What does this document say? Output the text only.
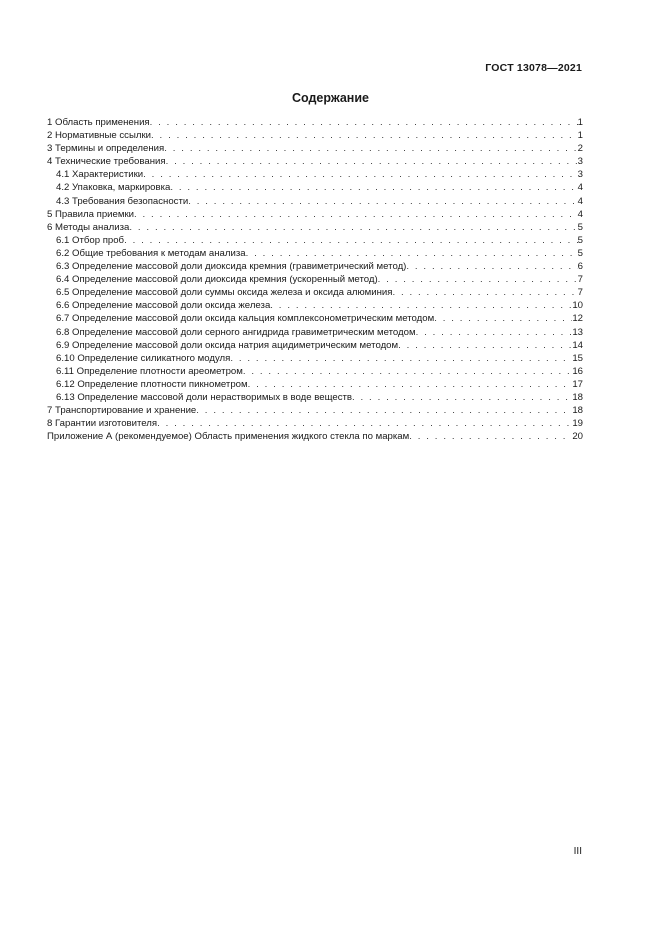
ГОСТ 13078—2021
Содержание
1 Область применения . . .	1
2 Нормативные ссылки . . .	1
3 Термины и определения . . .	2
4 Технические требования . . .	3
4.1 Характеристики . . .	3
4.2 Упаковка, маркировка . . .	4
4.3 Требования безопасности . . .	4
5 Правила приемки . . .	4
6 Методы анализа . . .	5
6.1 Отбор проб . . .	5
6.2 Общие требования к методам анализа . . .	5
6.3 Определение массовой доли диоксида кремния (гравиметрический метод) . . .	6
6.4 Определение массовой доли диоксида кремния (ускоренный метод) . . .	7
6.5 Определение массовой доли суммы оксида железа и оксида алюминия . . .	7
6.6 Определение массовой доли оксида железа . . .	10
6.7 Определение массовой доли оксида кальция комплексонометрическим методом . . .	12
6.8 Определение массовой доли серного ангидрида гравиметрическим методом . . .	13
6.9 Определение массовой доли оксида натрия ацидиметрическим методом . . .	14
6.10 Определение силикатного модуля . . .	15
6.11 Определение плотности ареометром . . .	16
6.12 Определение плотности пикнометром . . .	17
6.13 Определение массовой доли нерастворимых в воде веществ . . .	18
7 Транспортирование и хранение . . .	18
8 Гарантии изготовителя . . .	19
Приложение А (рекомендуемое) Область применения жидкого стекла по маркам . . .	20
III
